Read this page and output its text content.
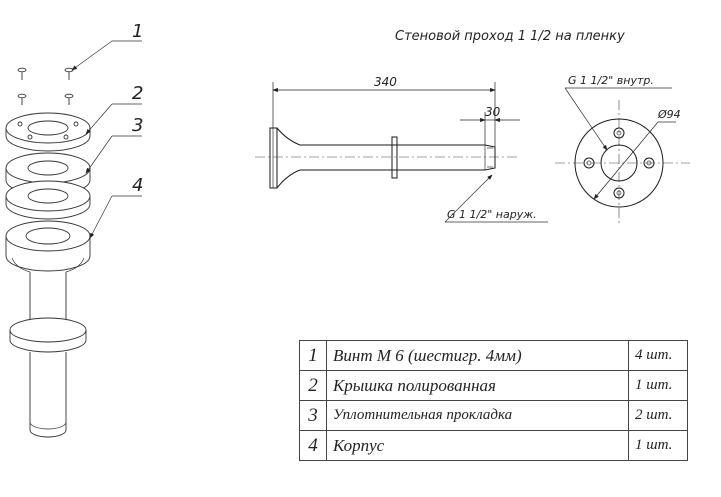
1
2
3
4
Стеновой проход 1 1/2 на пленку
340
30
G 1 1/2" наруж.
G 1 1/2" внутр.
Ø94
1	Винт М 6 (шестигр. 4мм)	4 шт.
2	Крышка полированная	1 шт.
3	Уплотнительная прокладка	2 шт.
4	Корпус	1 шт.
